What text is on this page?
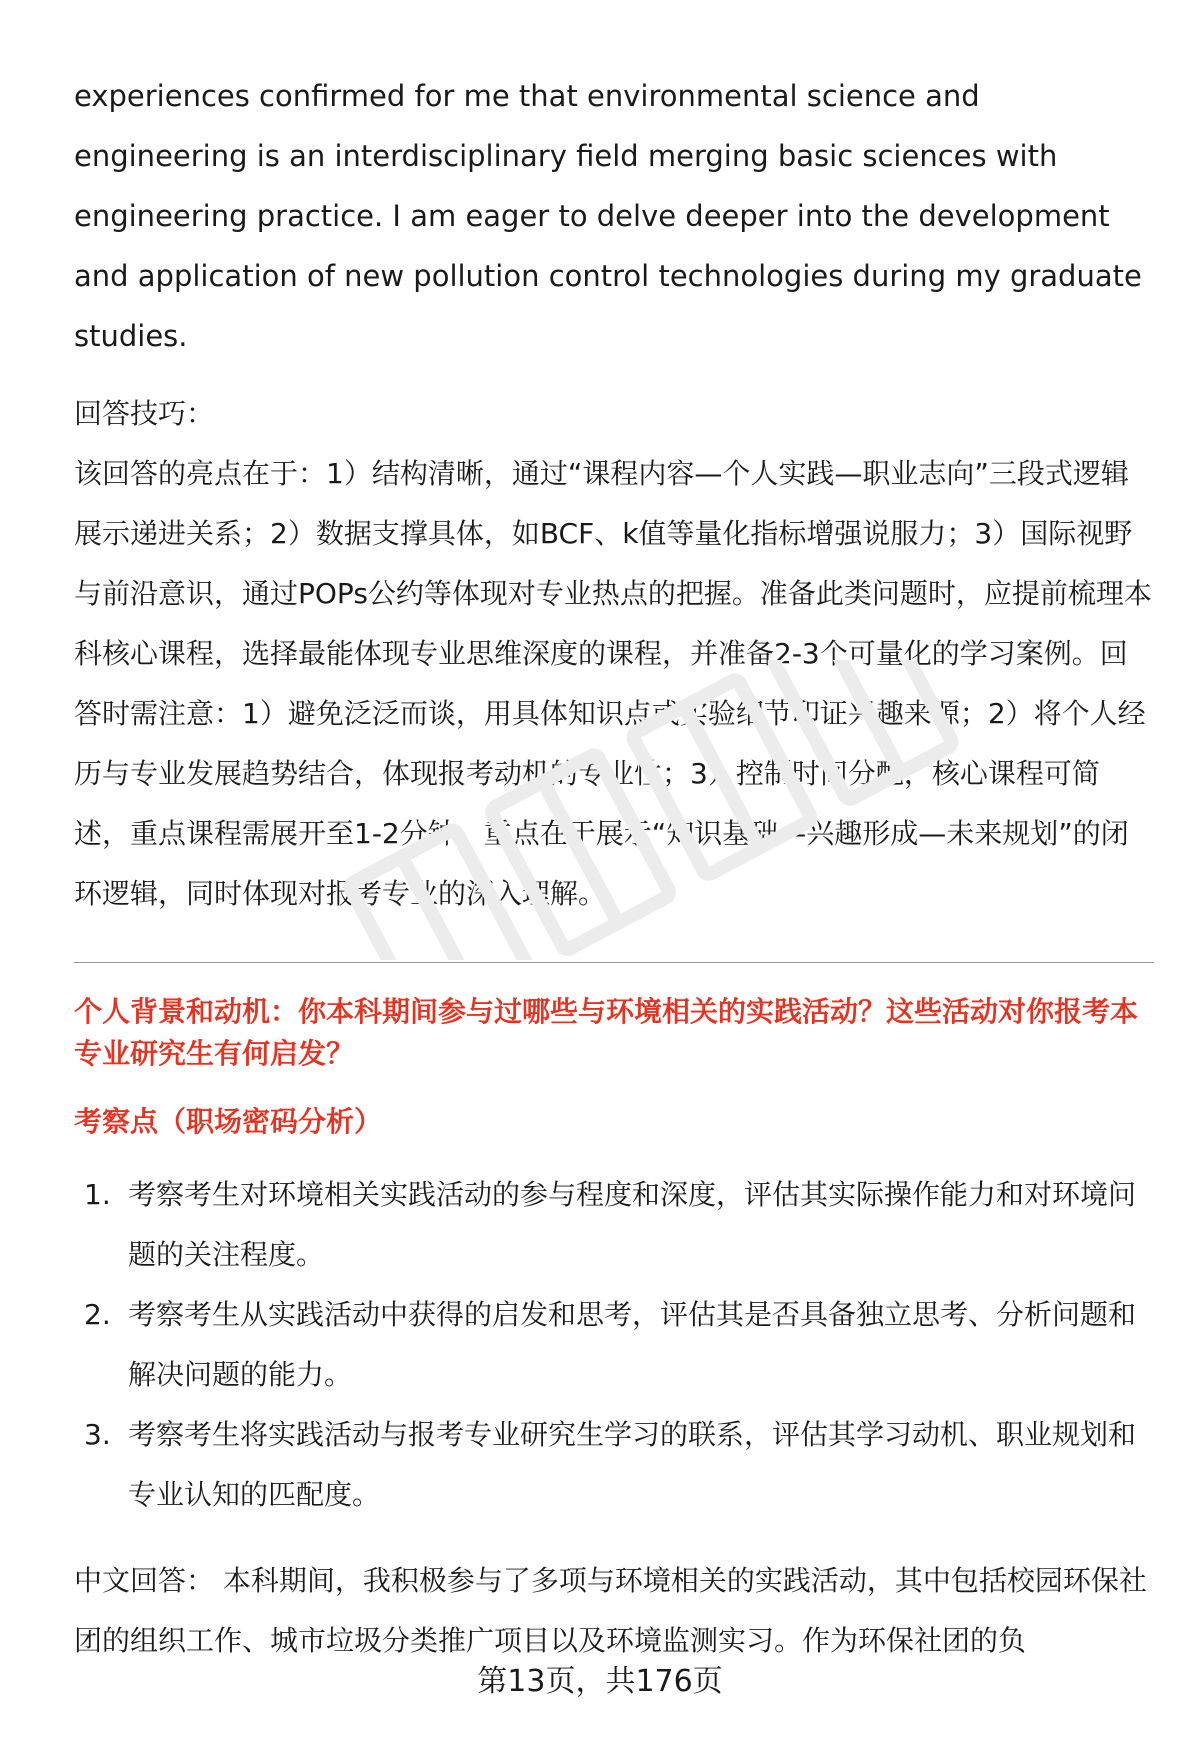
experiences confirmed for me that environmental science and engineering is an interdisciplinary field merging basic sciences with engineering practice. I am eager to delve deeper into the development and application of new pollution control technologies during my graduate studies.

回答技巧：

该回答的亮点在于：1）结构清晰，通过“课程内容—个人实践—职业志向”三段式逻辑展示递进关系；2）数据支撑具体，如BCF、k值等量化指标增强说服力；3）国际视野与前沿意识，通过POPs公约等体现对专业热点的把握。准备此类问题时，应提前梳理本科核心课程，选择最能体现专业思维深度的课程，并准备2-3个可量化的学习案例。回答时需注意：1）避免泛泛而谈，用具体知识点或实验细节印证兴趣来源；2）将个人经历与专业发展趋势结合，体现报考动机的专业性；3）控制时间分配，核心课程可简述，重点课程需展开至1-2分钟。重点在于展示“知识基础—兴趣形成—未来规划”的闭环逻辑，同时体现对报考专业的深入理解。

个人背景和动机：你本科期间参与过哪些与环境相关的实践活动？这些活动对你报考本专业研究生有何启发？

考察点（职场密码分析）

1. 考察考生对环境相关实践活动的参与程度和深度，评估其实际操作能力和对环境问题的关注程度。
2. 考察考生从实践活动中获得的启发和思考，评估其是否具备独立思考、分析问题和解决问题的能力。
3. 考察考生将实践活动与报考专业研究生学习的联系，评估其学习动机、职业规划和专业认知的匹配度。

中文回答： 本科期间，我积极参与了多项与环境相关的实践活动，其中包括校园环保社团的组织工作、城市垃圾分类推广项目以及环境监测实习。作为环保社团的负

第13页，共176页
